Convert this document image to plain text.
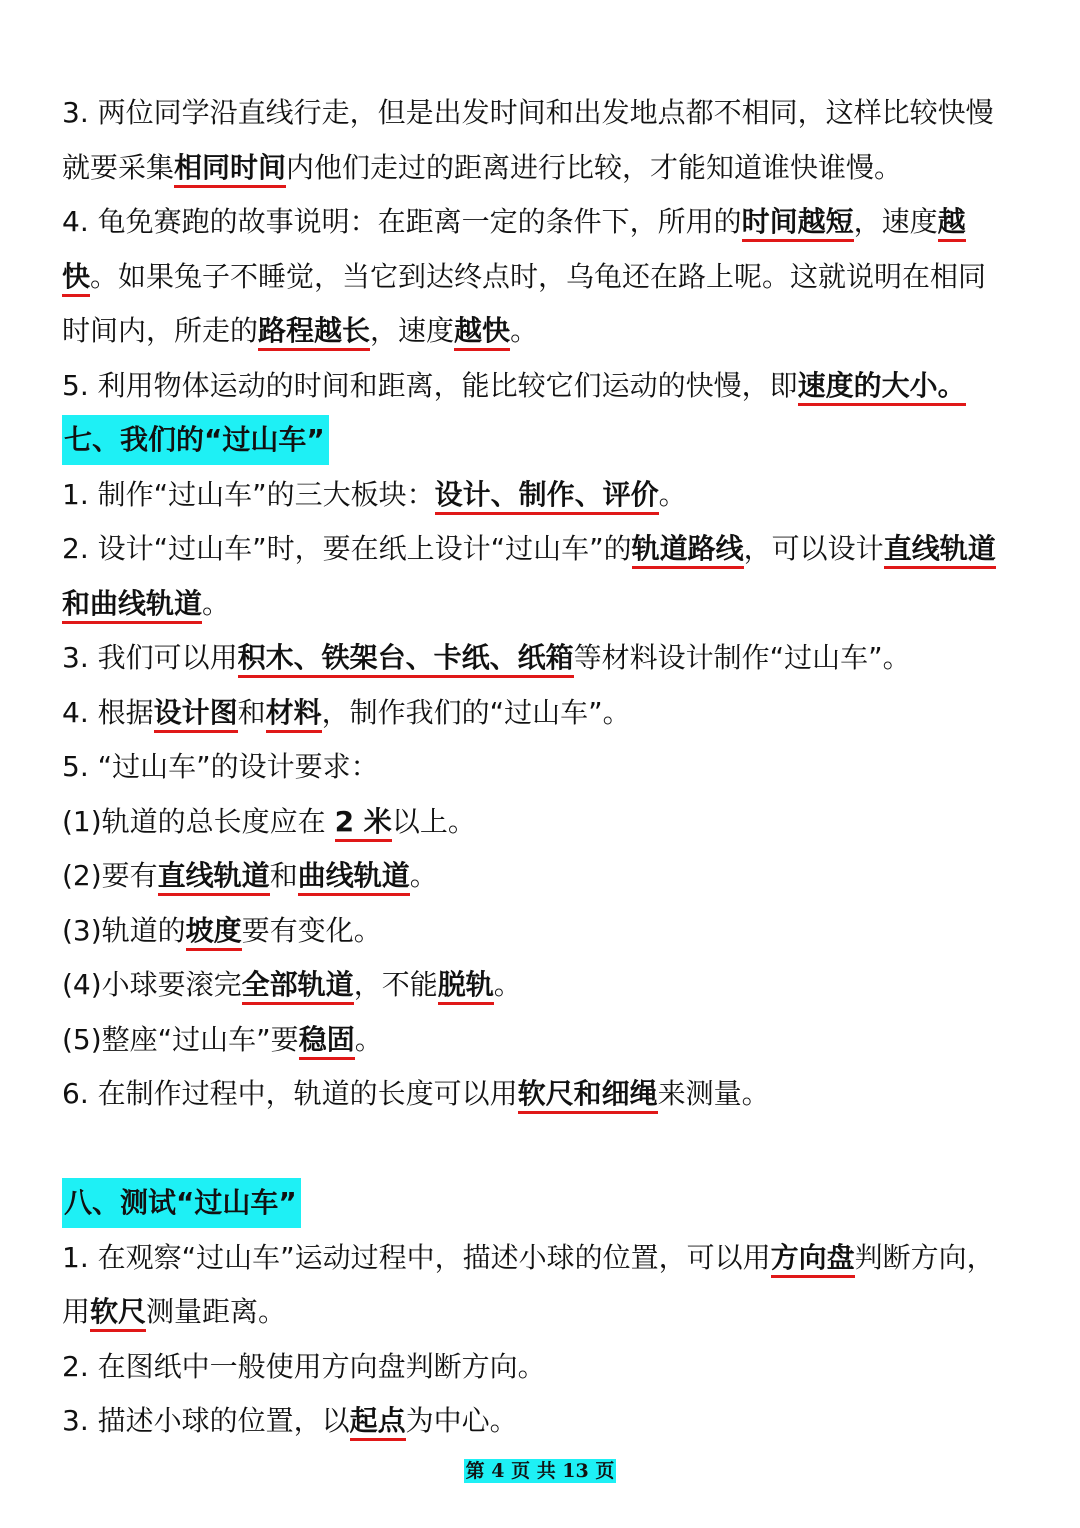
3. 两位同学沿直线行走，但是出发时间和出发地点都不相同，这样比较快慢
就要采集相同时间内他们走过的距离进行比较，才能知道谁快谁慢。
4. 龟免赛跑的故事说明：在距离一定的条件下，所用的时间越短，速度越
快。如果兔子不睡觉，当它到达终点时，乌龟还在路上呢。这就说明在相同
时间内，所走的路程越长，速度越快。
5. 利用物体运动的时间和距离，能比较它们运动的快慢，即速度的大小。
七、我们的“过山车”
1. 制作“过山车”的三大板块：设计、制作、评价。
2. 设计“过山车”时，要在纸上设计“过山车”的轨道路线，可以设计直线轨道
和曲线轨道。
3. 我们可以用积木、铁架台、卡纸、纸箱等材料设计制作“过山车”。
4. 根据设计图和材料，制作我们的“过山车”。
5. “过山车”的设计要求：
(1)轨道的总长度应在 2 米以上。
(2)要有直线轨道和曲线轨道。
(3)轨道的坡度要有变化。
(4)小球要滚完全部轨道，不能脱轨。
(5)整座“过山车”要稳固。
6. 在制作过程中，轨道的长度可以用软尺和细绳来测量。
八、测试“过山车”
1. 在观察“过山车”运动过程中，描述小球的位置，可以用方向盘判断方向，
用软尺测量距离。
2. 在图纸中一般使用方向盘判断方向。
3. 描述小球的位置，以起点为中心。
第 4 页 共 13 页
